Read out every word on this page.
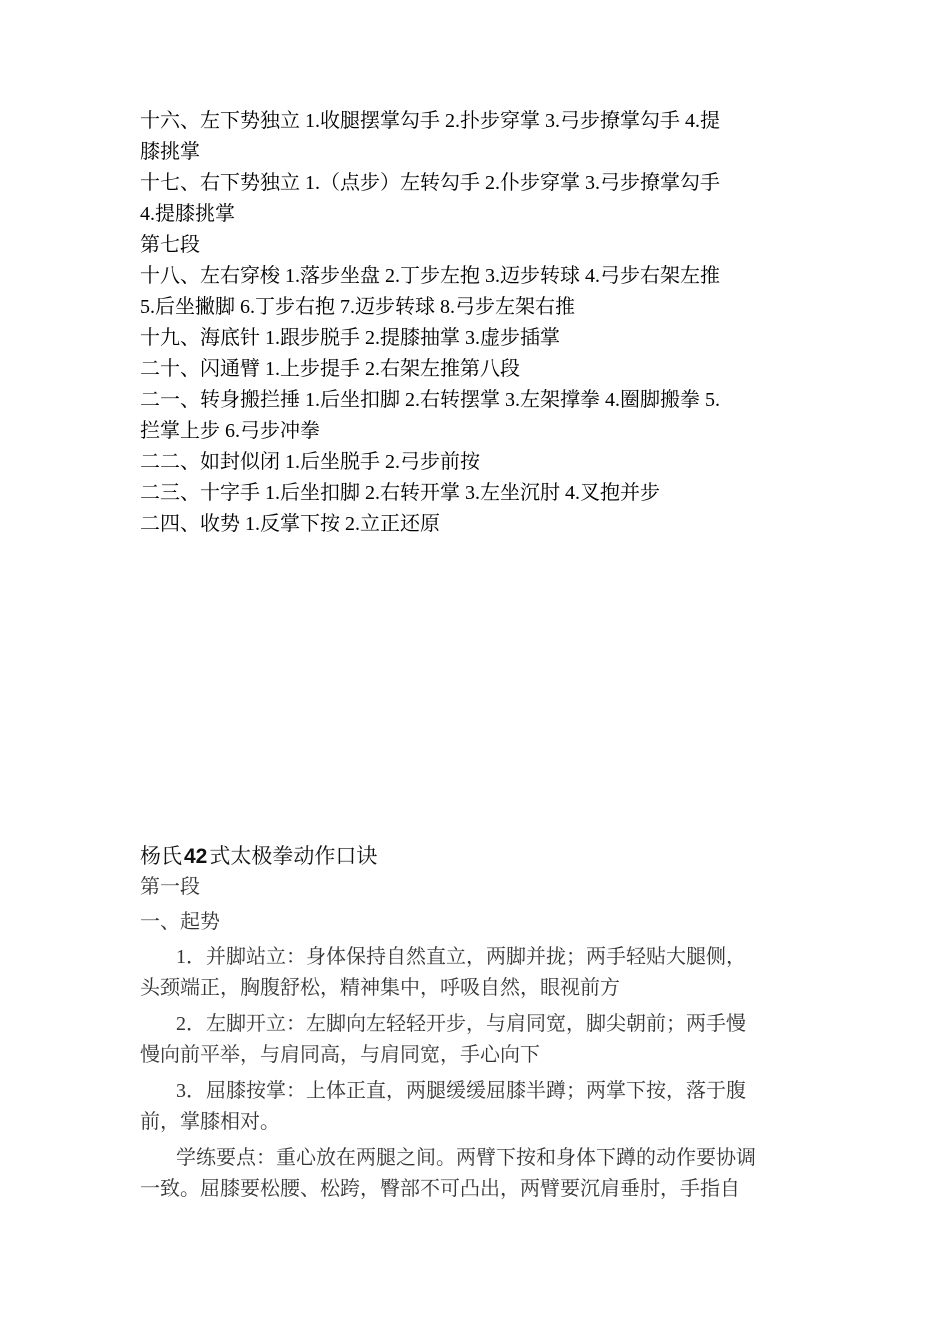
十六、左下势独立 1.收腿摆掌勾手 2.扑步穿掌 3.弓步撩掌勾手 4.提
膝挑掌
十七、右下势独立 1.（点步）左转勾手 2.仆步穿掌 3.弓步撩掌勾手
4.提膝挑掌
第七段
十八、左右穿梭 1.落步坐盘 2.丁步左抱 3.迈步转球 4.弓步右架左推
5.后坐撇脚 6.丁步右抱 7.迈步转球 8.弓步左架右推
十九、海底针 1.跟步脱手 2.提膝抽掌 3.虚步插掌
二十、闪通臂 1.上步提手 2.右架左推第八段
二一、转身搬拦捶 1.后坐扣脚 2.右转摆掌 3.左架撑拳 4.圈脚搬拳 5.
拦掌上步 6.弓步冲拳
二二、如封似闭 1.后坐脱手 2.弓步前按
二三、十字手 1.后坐扣脚 2.右转开掌 3.左坐沉肘 4.叉抱并步
二四、收势 1.反掌下按 2.立正还原
杨氏42式太极拳动作口诀
第一段
一、起势
1．并脚站立：身体保持自然直立，两脚并拢；两手轻贴大腿侧，
头颈端正，胸腹舒松，精神集中，呼吸自然，眼视前方
2．左脚开立：左脚向左轻轻开步，与肩同宽，脚尖朝前；两手慢
慢向前平举，与肩同高，与肩同宽，手心向下
3．屈膝按掌：上体正直，两腿缓缓屈膝半蹲；两掌下按，落于腹
前，掌膝相对。
学练要点：重心放在两腿之间。两臂下按和身体下蹲的动作要协调
一致。屈膝要松腰、松跨，臀部不可凸出，两臂要沉肩垂肘，手指自
